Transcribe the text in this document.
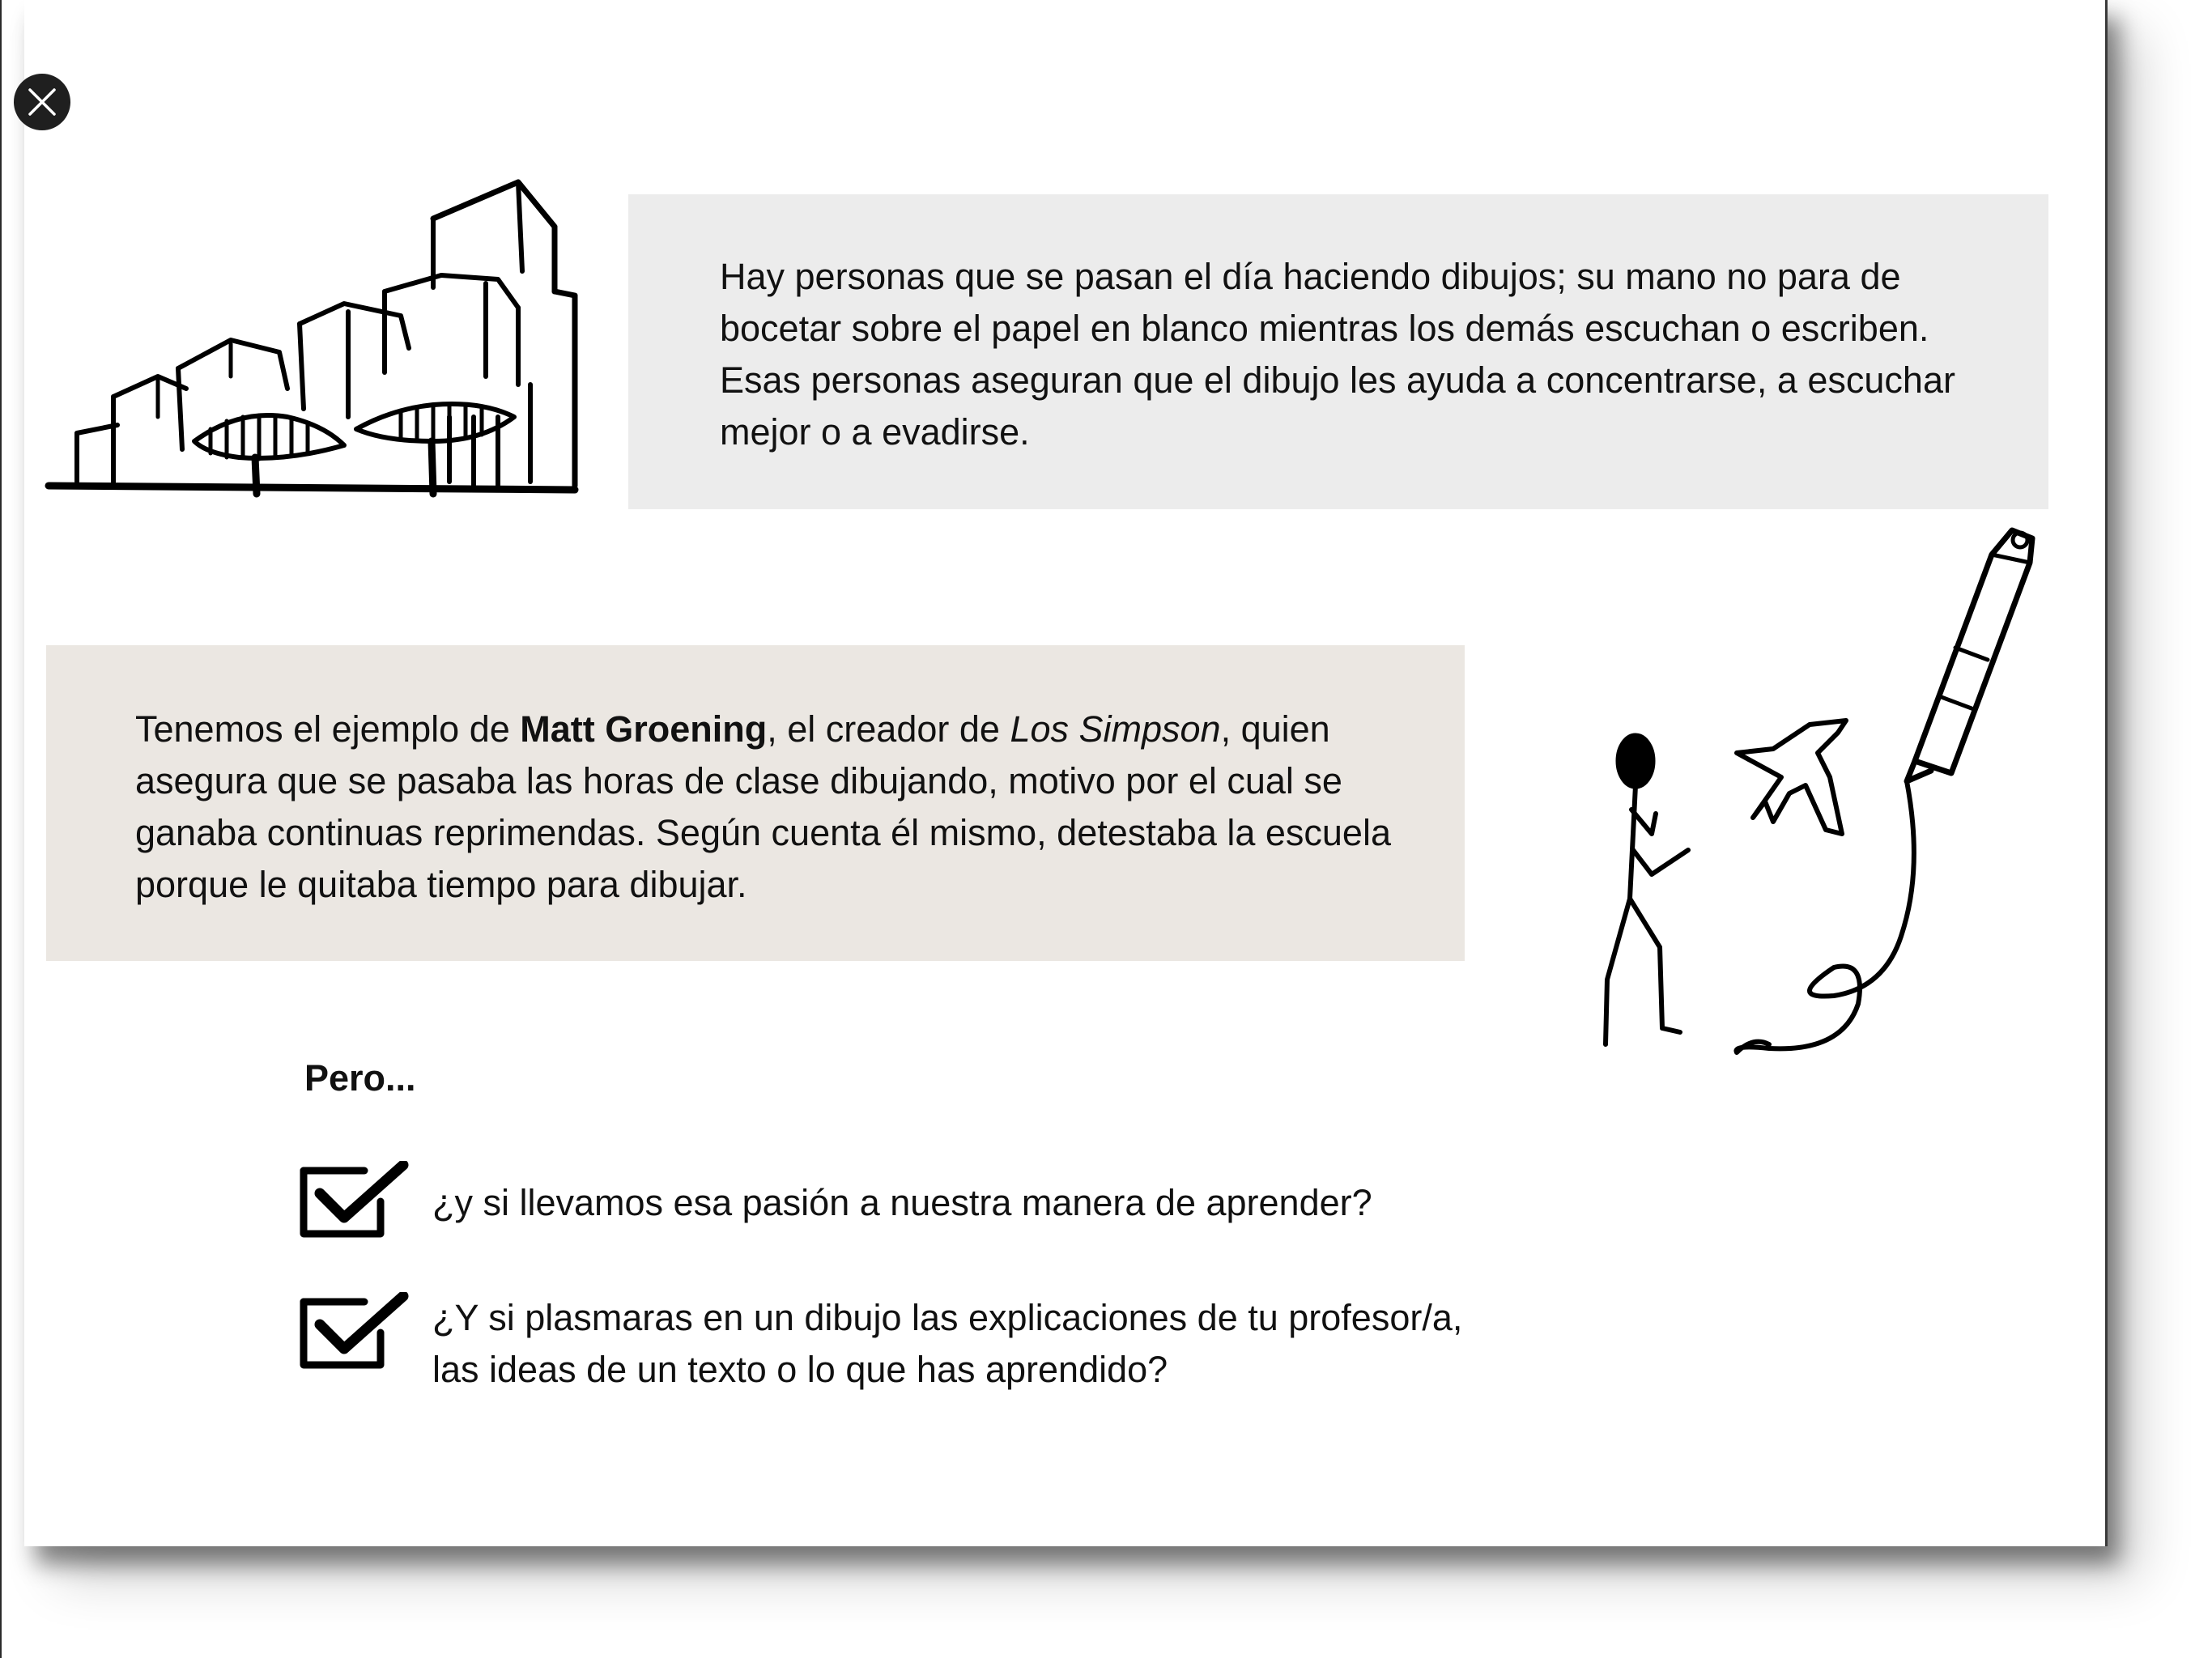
Hay personas que se pasan el día haciendo dibujos; su mano no para de bocetar sobre el papel en blanco mientras los demás escuchan o escriben. Esas personas aseguran que el dibujo les ayuda a concentrarse, a escuchar mejor o a evadirse.

Tenemos el ejemplo de Matt Groening, el creador de Los Simpson, quien asegura que se pasaba las horas de clase dibujando, motivo por el cual se ganaba continuas reprimendas. Según cuenta él mismo, detestaba la escuela porque le quitaba tiempo para dibujar.

Pero...
¿y si llevamos esa pasión a nuestra manera de aprender?
¿Y si plasmaras en un dibujo las explicaciones de tu profesor/a,
las ideas de un texto o lo que has aprendido?
